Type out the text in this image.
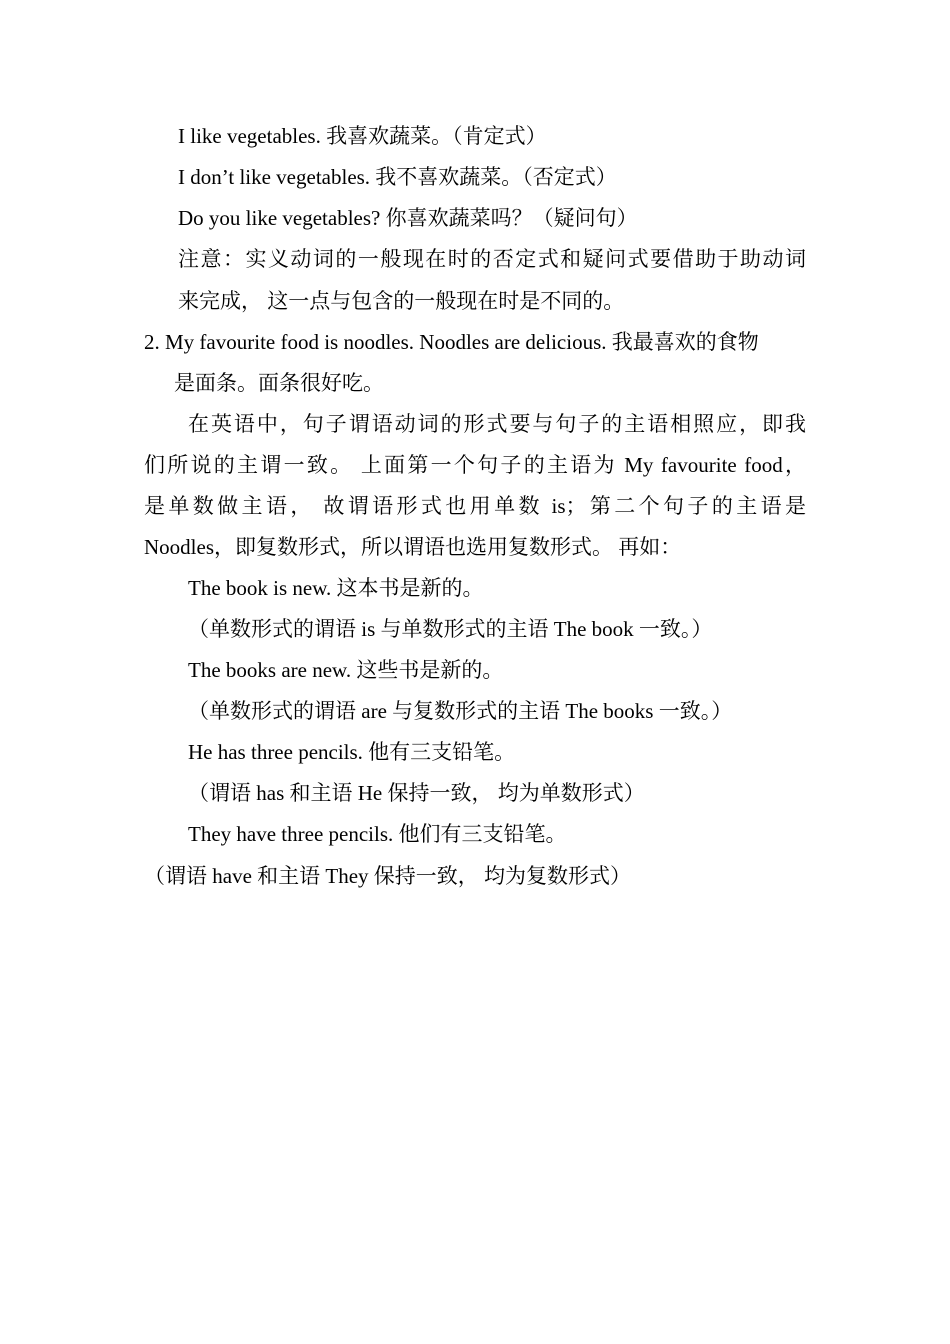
I like vegetables. 我喜欢蔬菜。（肯定式）
I don’t like vegetables. 我不喜欢蔬菜。（否定式）
Do you like vegetables? 你喜欢蔬菜吗？（疑问句）
注意：实义动词的一般现在时的否定式和疑问式要借助于助动词
来完成， 这一点与包含的一般现在时是不同的。
2. My favourite food is noodles. Noodles are delicious. 我最喜欢的食物
是面条。面条很好吃。
在英语中，句子谓语动词的形式要与句子的主语相照应，即我
们所说的主谓一致。 上面第一个句子的主语为 My favourite food，
是单数做主语， 故谓语形式也用单数 is；第二个句子的主语是
Noodles，即复数形式，所以谓语也选用复数形式。 再如：
The book is new. 这本书是新的。
（单数形式的谓语 is 与单数形式的主语 The book 一致。）
The books are new. 这些书是新的。
（单数形式的谓语 are 与复数形式的主语 The books 一致。）
He has three pencils. 他有三支铅笔。
（谓语 has 和主语 He 保持一致， 均为单数形式）
They have three pencils. 他们有三支铅笔。
（谓语 have 和主语 They 保持一致， 均为复数形式）
